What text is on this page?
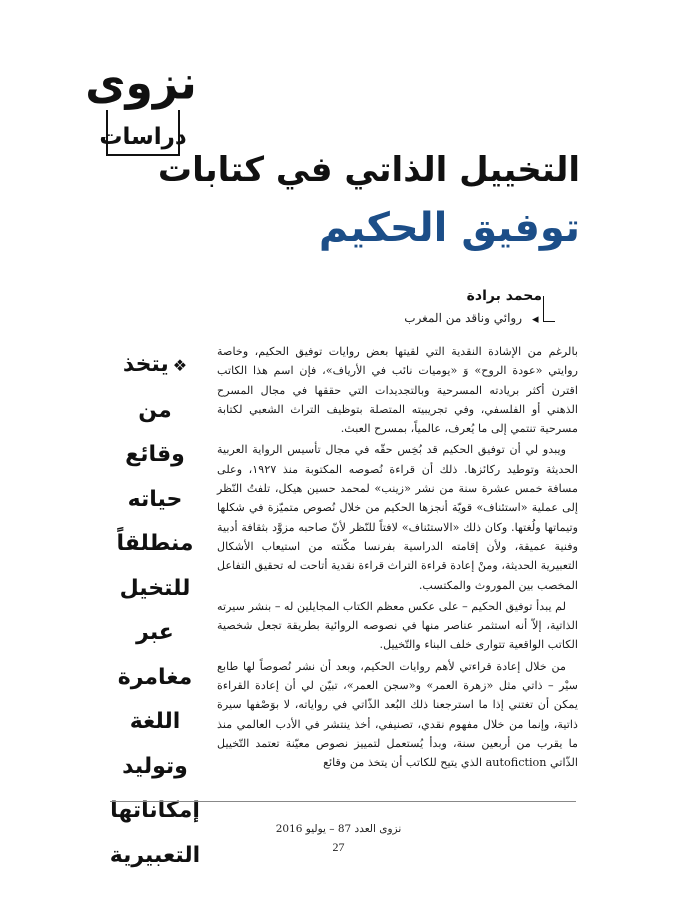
نزوى
دراسات
التخييل الذاتي في كتابات
توفيق الحكيم
محمد برادة
روائي وناقد من المغرب ◂
❖يتخذ من وقائع حياته منطلقاً للتخيل عبر مغامرة اللغة وتوليد إمكاناتها التعبيرية

بالرغم من الإشادة النقدية التي لقيتها بعض روايات توفيق الحكيم، وخاصة روايتي «عودة الروح» وَ «يوميات نائب في الأرياف»، فإن اسم هذا الكاتب اقترن أكثر بريادته المسرحية وبالتجديدات التي حققها في مجال المسرح الذهني أو الفلسفي، وفي تجريبيته المتصلة بتوظيف التراث الشعبي لكتابة مسرحية تنتمي إلى ما يُعرف، عالمياً، بمسرح العبث.

ويبدو لي أن توفيق الحكيم قد بُخِس حقّه في مجال تأسيس الرواية العربية الحديثة وتوطيد ركائزها. ذلك أن قراءة نُصوصه المكتوبة منذ ١٩٢٧، وعلى مسافة خمس عشرة سنة من نشر «زينب» لمحمد حسين هيكل، تلفتُ النّظر إلى عملية «استئناف» قويّة أنجزها الحكيم من خلال نُصوص متميّزة في شكلها وتيماتها ولُغتها. وكان ذلك «الاستئناف» لافتاً للنّظر لأنّ صاحبه مزوَّد بثقافة أدبية وفنية عميقة، ولأن إقامته الدراسية بفرنسا مكّنته من استيعاب الأشكال التعبيرية الحديثة، ومنْ إعادة قراءة التراث قراءة نقدية أتاحت له تحقيق التفاعل المخصب بين الموروث والمكتسب.

لم يبدأ توفيق الحكيم – على عكس معظم الكتاب المجايلين له – بنشر سيرته الذاتية، إلاّ أنه استثمر عناصر منها في نصوصه الروائية بطريقة تجعل شخصية الكاتب الواقعية تتوارى خلف البناء والتّخييل.

من خلال إعادة قراءتي لأهم روايات الحكيم، وبعد أن نشر نُصوصاً لها طابع سيْر – ذاتي مثل «زهرة العمر» و«سجن العمر»، تبيّن لي أن إعادة القراءة يمكن أن تغتني إذا ما استرجعنا ذلك البُعد الذّاتي في رواياته، لا بوَصْفها سيرة ذاتية، وإنما من خلال مفهوم نقدي، تصنيفي، أخذ ينتشر في الأدب العالمي منذ ما يقرب من أربعين سنة، وبدأ يُستعمل لتمييز نصوص معيّنة تعتمد التّخييل الذّاتي autofiction الذي يتيح للكاتب أن يتخذ من وقائع

نزوى العدد 87 – يوليو 2016
27
